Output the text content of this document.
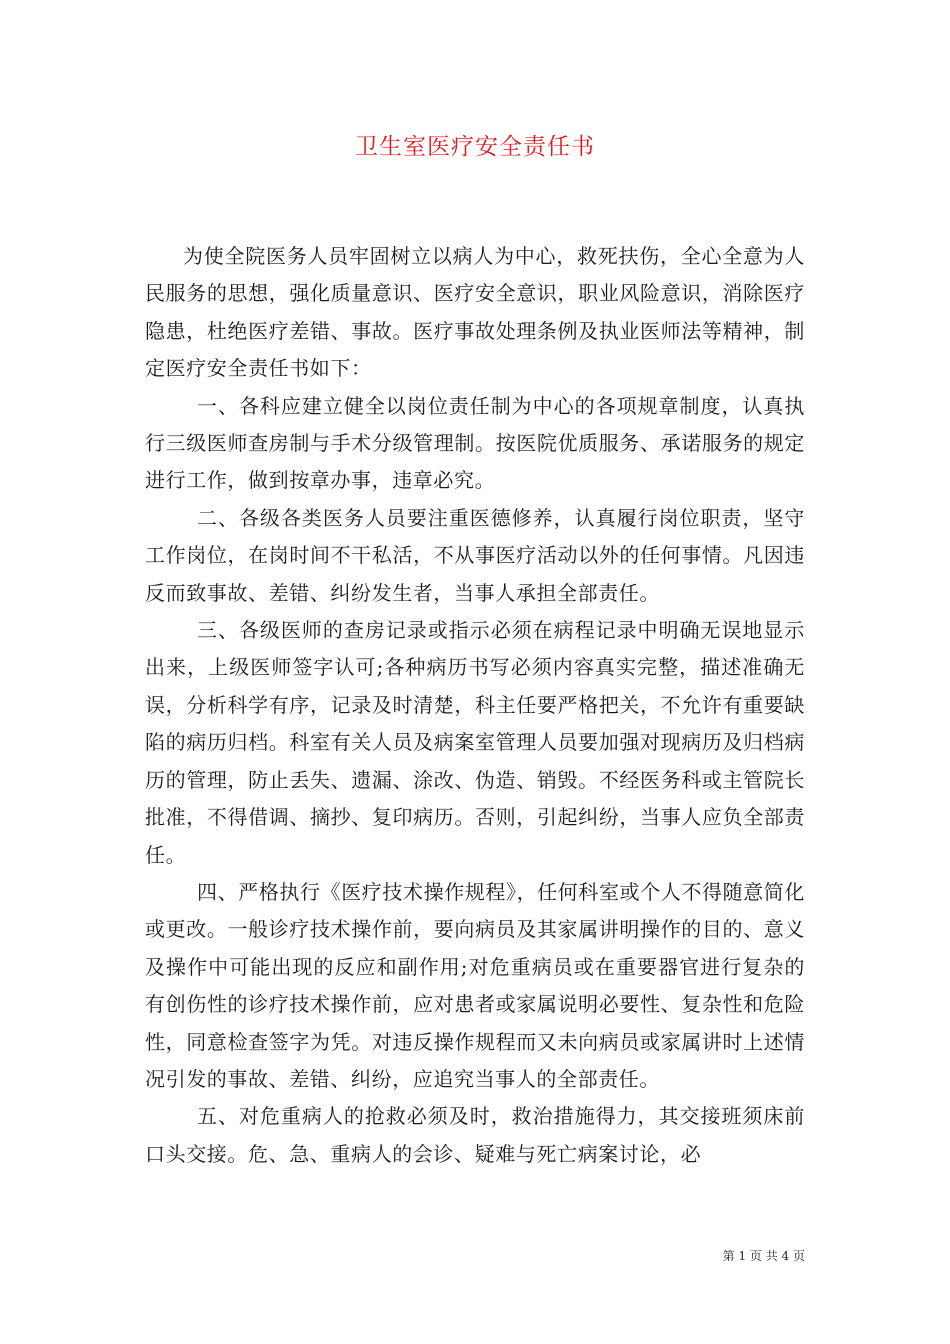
卫生室医疗安全责任书

为使全院医务人员牢固树立以病人为中心，救死扶伤，全心全意为人民服务的思想，强化质量意识、医疗安全意识，职业风险意识，消除医疗隐患，杜绝医疗差错、事故。医疗事故处理条例及执业医师法等精神，制定医疗安全责任书如下：

一、各科应建立健全以岗位责任制为中心的各项规章制度，认真执行三级医师查房制与手术分级管理制。按医院优质服务、承诺服务的规定进行工作，做到按章办事，违章必究。

二、各级各类医务人员要注重医德修养，认真履行岗位职责，坚守工作岗位，在岗时间不干私活，不从事医疗活动以外的任何事情。凡因违反而致事故、差错、纠纷发生者，当事人承担全部责任。

三、各级医师的查房记录或指示必须在病程记录中明确无误地显示出来，上级医师签字认可;各种病历书写必须内容真实完整，描述准确无误，分析科学有序，记录及时清楚，科主任要严格把关，不允许有重要缺陷的病历归档。科室有关人员及病案室管理人员要加强对现病历及归档病历的管理，防止丢失、遗漏、涂改、伪造、销毁。不经医务科或主管院长批准，不得借调、摘抄、复印病历。否则，引起纠纷，当事人应负全部责任。

四、严格执行《医疗技术操作规程》，任何科室或个人不得随意简化或更改。一般诊疗技术操作前，要向病员及其家属讲明操作的目的、意义及操作中可能出现的反应和副作用;对危重病员或在重要器官进行复杂的有创伤性的诊疗技术操作前，应对患者或家属说明必要性、复杂性和危险性，同意检查签字为凭。对违反操作规程而又未向病员或家属讲时上述情况引发的事故、差错、纠纷，应追究当事人的全部责任。

五、对危重病人的抢救必须及时，救治措施得力，其交接班须床前口头交接。危、急、重病人的会诊、疑难与死亡病案讨论，必

第 1 页 共 4 页
